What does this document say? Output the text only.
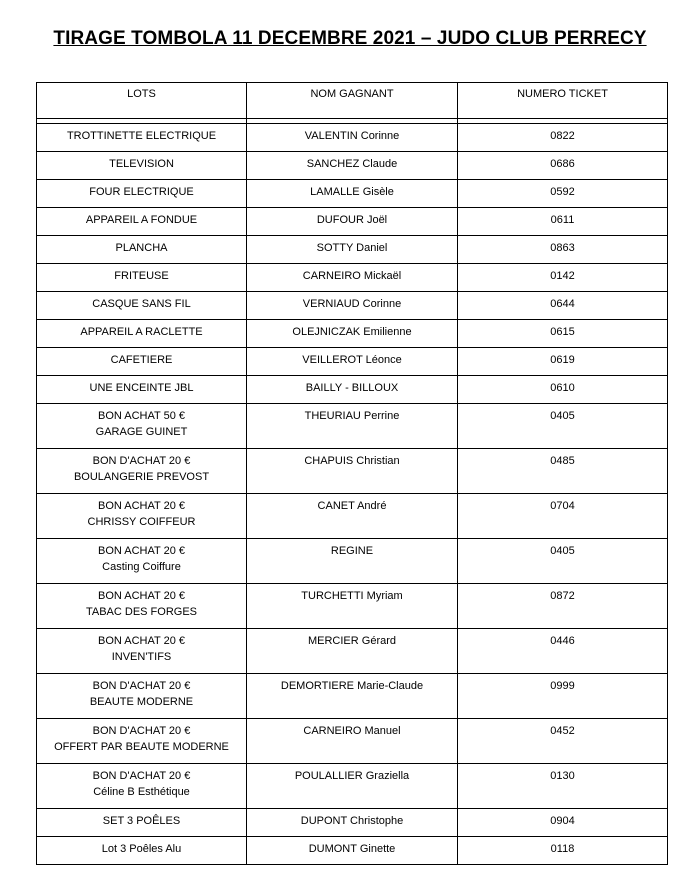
TIRAGE TOMBOLA 11 DECEMBRE 2021 – JUDO CLUB PERRECY
LOTS	NOM GAGNANT	NUMERO TICKET

TROTTINETTE ELECTRIQUE	VALENTIN Corinne	0822
TELEVISION	SANCHEZ Claude	0686
FOUR ELECTRIQUE	LAMALLE Gisèle	0592
APPAREIL A FONDUE	DUFOUR Joël	0611
PLANCHA	SOTTY Daniel	0863
FRITEUSE	CARNEIRO Mickaël	0142
CASQUE SANS FIL	VERNIAUD Corinne	0644
APPAREIL A RACLETTE	OLEJNICZAK Emilienne	0615
CAFETIERE	VEILLEROT Léonce	0619
UNE ENCEINTE JBL	BAILLY - BILLOUX	0610
BON ACHAT 50 €
GARAGE GUINET	THEURIAU Perrine	0405
BON D'ACHAT 20 €
BOULANGERIE PREVOST	CHAPUIS Christian	0485
BON ACHAT 20 €
CHRISSY COIFFEUR	CANET André	0704
BON ACHAT 20 €
Casting Coiffure	REGINE	0405
BON ACHAT 20 €
TABAC DES FORGES	TURCHETTI Myriam	0872
BON ACHAT 20 €
INVEN'TIFS	MERCIER Gérard	0446
BON D'ACHAT 20 €
BEAUTE MODERNE	DEMORTIERE Marie-Claude	0999
BON D'ACHAT 20 €
OFFERT PAR BEAUTE MODERNE	CARNEIRO Manuel	0452
BON D'ACHAT 20 €
Céline B Esthétique	POULALLIER Graziella	0130
SET 3 POÊLES	DUPONT Christophe	0904
Lot 3 Poêles Alu	DUMONT Ginette	0118
